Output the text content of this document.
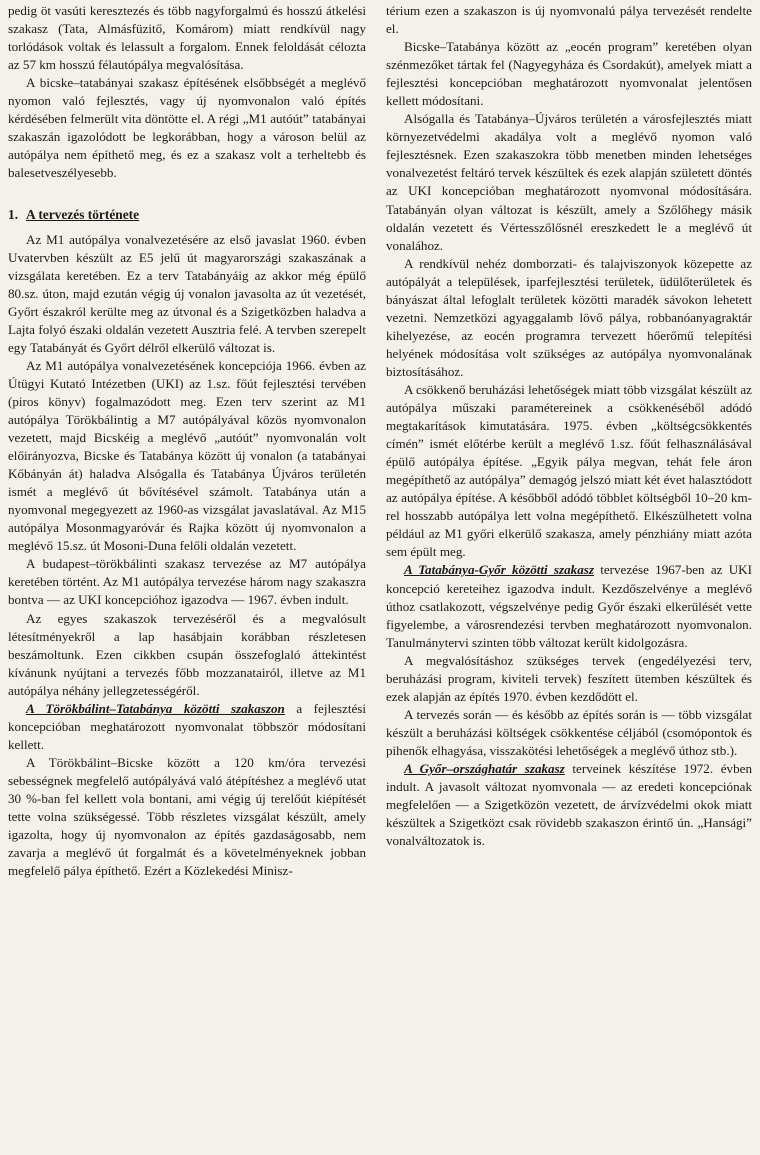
pedig öt vasúti keresztezés és több nagyforgalmú és hosszú átkelési szakasz (Tata, Almásfüzitő, Komárom) miatt rendkívül nagy torlódások voltak és lelassult a forgalom. Ennek feloldását célozta az 57 km hosszú félautópálya megvalósítása.

A bicske–tatabányai szakasz építésének elsőbbségét a meglévő nyomon való fejlesztés, vagy új nyomvonalon való építés kérdésében felmerült vita döntötte el. A régi „M1 autóút” tatabányai szakaszán igazolódott be legkorábban, hogy a városon belül az autópálya nem építhető meg, és ez a szakasz volt a terheltebb és balesetveszélyesebb.

1. A tervezés története

Az M1 autópálya vonalvezetésére az első javaslat 1960. évben Uvatervben készült az E5 jelű út magyarországi szakaszának a vizsgálata keretében. Ez a terv Tatabányáig az akkor még épülő 80.sz. úton, majd ezután végig új vonalon javasolta az út vezetését, Győrt északról kerülte meg az útvonal és a Szigetközben haladva a Lajta folyó északi oldalán vezetett Ausztria felé. A tervben szerepelt egy Tatabányát és Győrt délről elkerülő változat is.

Az M1 autópálya vonalvezetésének koncepciója 1966. évben az Útügyi Kutató Intézetben (UKI) az 1.sz. főút fejlesztési tervében (piros könyv) fogalmazódott meg. Ezen terv szerint az M1 autópálya Törökbálintig a M7 autópályával közös nyomvonalon vezetett, majd Bicskéig a meglévő „autóút” nyomvonalán volt előirányozva, Bicske és Tatabánya között új vonalon (a tatabányai Kőbányán át) haladva Alsógalla és Tatabánya Újváros területén ismét a meglévő út bővítésével számolt. Tatabánya után a nyomvonal megegyezett az 1960-as vizsgálat javaslatával. Az M15 autópálya Mosonmagyaróvár és Rajka között új nyomvonalon a meglévő 15.sz. út Mosoni-Duna felőli oldalán vezetett.

A budapest–törökbálinti szakasz tervezése az M7 autópálya keretében történt. Az M1 autópálya tervezése három nagy szakaszra bontva — az UKI koncepcióhoz igazodva — 1967. évben indult.

Az egyes szakaszok tervezéséről és a megvalósult létesítményekről a lap hasábjain korábban részletesen beszámoltunk. Ezen cikkben csupán összefoglaló áttekintést kívánunk nyújtani a tervezés főbb mozzanatairól, illetve az M1 autópálya néhány jellegzetességéről.

A Törökbálint–Tatabánya közötti szakaszon a fejlesztési koncepcióban meghatározott nyomvonalat többször módosítani kellett.

A Törökbálint–Bicske között a 120 km/óra tervezési sebességnek megfelelő autópályává való átépítéshez a meglévő utat 30 %-ban fel kellett vola bontani, ami végig új terelőút kiépítését tette volna szükségessé. Több részletes vizsgálat készült, amely igazolta, hogy új nyomvonalon az építés gazdaságosabb, nem zavarja a meglévő út forgalmát és a követelményeknek jobban megfelelő pálya építhető. Ezért a Közlekedési Minisz-

térium ezen a szakaszon is új nyomvonalú pálya tervezését rendelte el.

Bicske–Tatabánya között az „eocén program” keretében olyan szénmezőket tártak fel (Nagyegyháza és Csordakút), amelyek miatt a fejlesztési koncepcióban meghatározott nyomvonalat jelentősen kellett módosítani.

Alsógalla és Tatabánya–Újváros területén a városfejlesztés miatt környezetvédelmi akadálya volt a meglévő nyomon való fejlesztésnek. Ezen szakaszokra több menetben minden lehetséges vonalvezetést feltáró tervek készültek és ezek alapján született döntés az UKI koncepcióban meghatározott nyomvonal módosítására. Tatabányán olyan változat is készült, amely a Szőlőhegy másik oldalán vezetett és Vértesszőlősnél ereszkedett le a meglévő út vonalához.

A rendkívül nehéz domborzati- és talajviszonyok közepette az autópályát a települések, iparfejlesztési területek, üdülőterületek és bányászat által lefoglalt területek közötti maradék sávokon lehetett vezetni. Nemzetközi agyaggalamb lövő pálya, robbanóanyagraktár kihelyezése, az eocén programra tervezett hőerőmű telepítési helyének módosítása volt szükséges az autópálya nyomvonalának biztosításához.

A csökkenő beruházási lehetőségek miatt több vizsgálat készült az autópálya műszaki paramétereinek a csökkenéséből adódó megtakarítások kimutatására. 1975. évben „költségcsökkentés címén” ismét előtérbe került a meglévő 1.sz. főút felhasználásával épülő autópálya építése. „Egyik pálya megvan, tehát fele áron megépíthető az autópálya” demagóg jelszó miatt két évet halasztódott az autópálya építése. A későbből adódó többlet költségből 10–20 km-rel hosszabb autópálya lett volna megépíthető. Elkészülhetett volna például az M1 győri elkerülő szakasza, amely pénzhiány miatt azóta sem épült meg.

A Tatabánya-Győr közötti szakasz tervezése 1967-ben az UKI koncepció kereteihez igazodva indult. Kezdőszelvénye a meglévő úthoz csatlakozott, végszelvénye pedig Győr északi elkerülését vette figyelembe, a városrendezési tervben meghatározott nyomvonalon. Tanulmánytervi szinten több változat került kidolgozásra.

A megvalósításhoz szükséges tervek (engedélyezési terv, beruházási program, kiviteli tervek) feszített ütemben készültek és ezek alapján az építés 1970. évben kezdődött el.

A tervezés során — és később az építés során is — több vizsgálat készült a beruházási költségek csökkentése céljából (csomópontok és pihenők elhagyása, visszakötési lehetőségek a meglévő úthoz stb.).

A Győr–országhatár szakasz terveinek készítése 1972. évben indult. A javasolt változat nyomvonala — az eredeti koncepciónak megfelelően — a Szigetközön vezetett, de árvízvédelmi okok miatt készültek a Szigetközt csak rövidebb szakaszon érintő ún. „Hansági” vonalváltozatok is.
